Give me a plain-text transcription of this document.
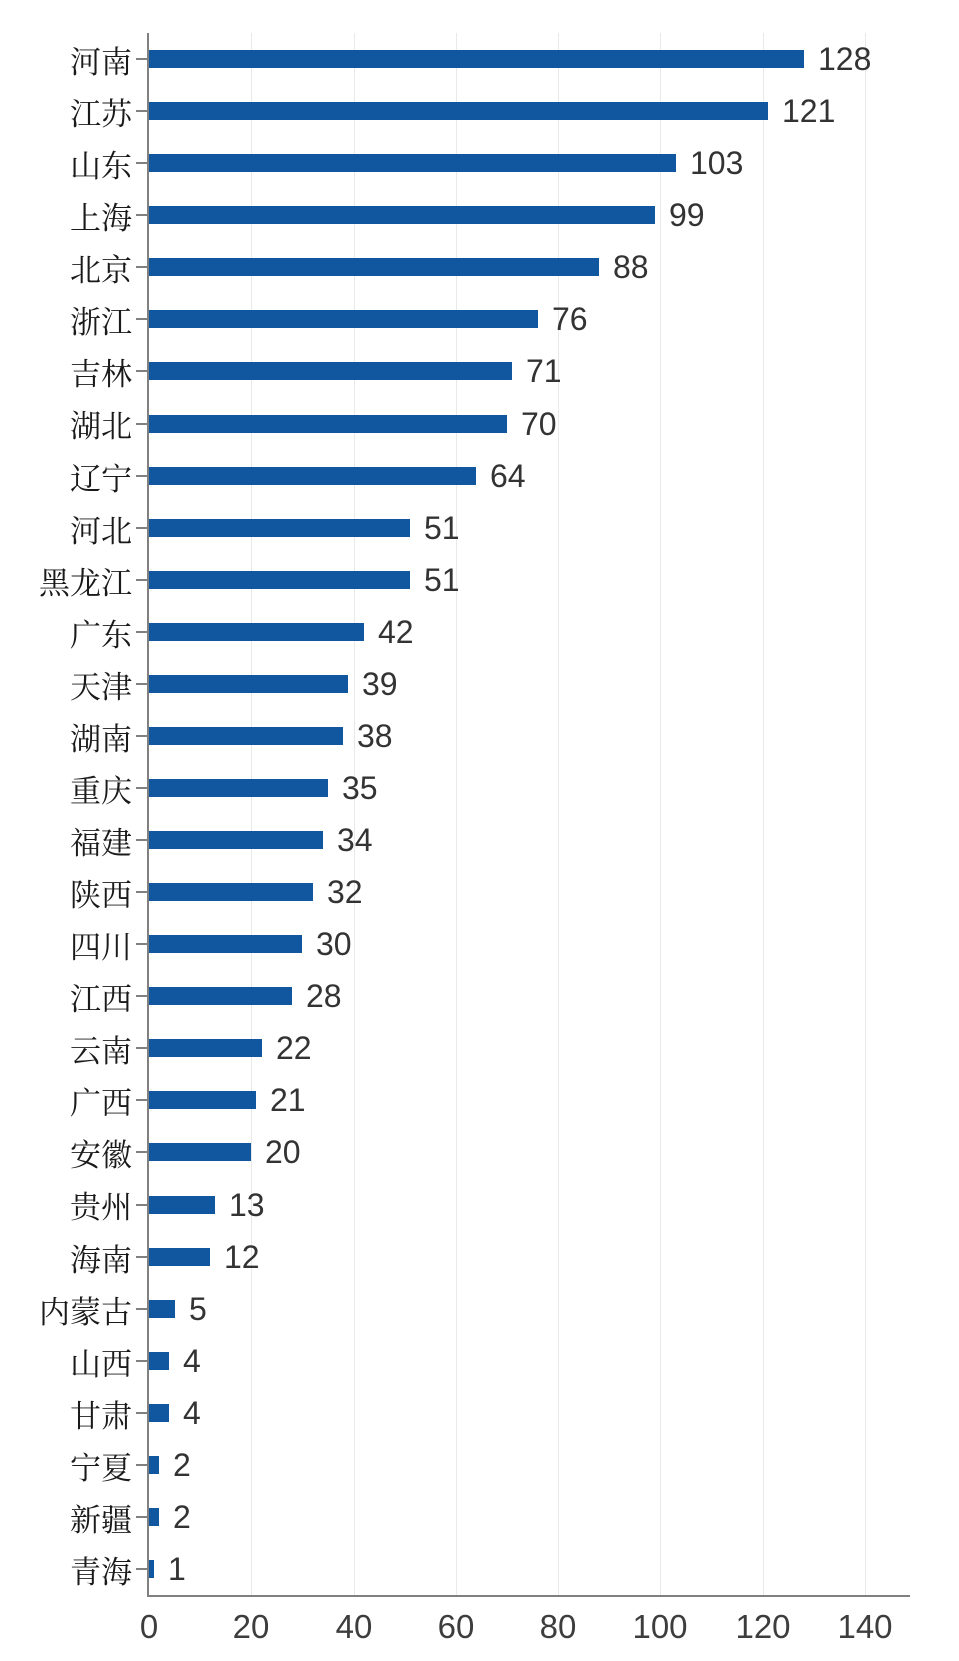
河南	128
江苏	121
山东	103
上海	99
北京	88
浙江	76
吉林	71
湖北	70
辽宁	64
河北	51
黑龙江	51
广东	42
天津	39
湖南	38
重庆	35
福建	34
陕西	32
四川	30
江西	28
云南	22
广西	21
安徽	20
贵州	13
海南	12
内蒙古 5
山西 4
甘肃 4
宁夏 2
新疆 2
青海 1
0 20 40 60 80 100 120 140
